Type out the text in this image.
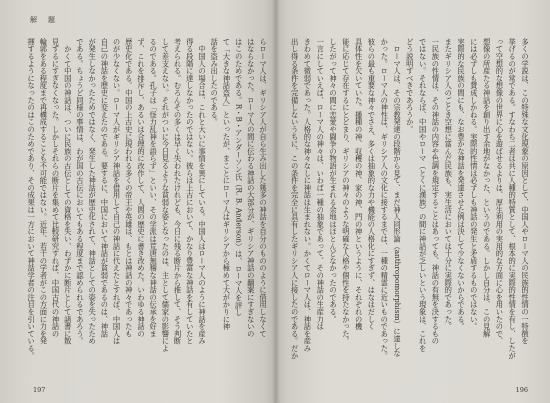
解　題
多くの学説は、この特殊な文化現象の原因として、中国人やローマ人の民族的性情の一特徴を
挙げるのが常である。すなわち二者は共に人種的特質として、根本的に実際的性情を有し、したが
って空想的な想像の世界に心を遊ばせるよりは、厚生利用の実用的な方面に心を用いたので、
想像の所産たる神話を創り出す余地がなかった、というのである。しかし自分は、この見解
には必ずしも賛成しかねる。実際的性情は必ずしも神話の発生と矛盾するものではない。
実際的な民族の間にも、なお豊かな神話を発達させた例は決して少なくないからである。
またギリシア人のごとき空想に富んだ民族も、実生活においては十分に実際的であった。
一民族の性情は、その神話の内容や色調を規定することはあっても、神話の有無を決するもの
ではない。それならば、中国やローマ（とくに漢族）の間に神話が乏しいという現象は、これを
どう説明すべきであろうか。
　ローマ人は、その宗教発達の段階から見て、まだ神人同形論（anthropomorphism）に達しな
かった。ローマ人の神性は、ギリシア人の文化に接するまでは、一種の精霊に近いものであった。
彼らの最も重要な神々でさえ、多くは抽象的な力や機能の人格化にすぎず、はなはだしく
具体性を欠いていた。播種の神、収穫の神、家の神、門の神というように、それぞれの機
能に応じて存在するにとどまり、ギリシアの神々のような明確な人格や個性を持たなかった。
したがって神々の間に恋愛や闘争の物語が生まれる余地はほとんどなかったのである。
一言にしていえば、ローマ人の神々は、いわば一種の抽象であって、その神話の生産力は
きわめて微弱であった。人格的な神々なしに神話は生まれない。かくてローマ人は、神話を産み
出し得る条件を完備しないうちに、この条件を完全に具有したギリシア人に接したのである。だか
らローマ人は、ギリシア人が自ら生み出した幾多の神話を自分のもののように借用しなくて
はならなかった。ローマ人の間に伝わる神話の大部分が、ギリシア神話の翻案にすぎないの
はこのためである。R・B・アンダーソン氏（R. B. Anderson）は、ローマ人を評し
て「大きな神話盗人」といったが、まことにローマ人はギリシアから極めて大がかりに神
話を盗み出したのである。
　中国人の場合は、これと大いに事情を異にしている。中国人はローマ人のように神話を産み
得る段階に達しなかったのではない。彼らは上古において、かなり豊富な神話を有していたと
考えられる。むろんその多くは早く失われたけれども、今日に残る断片から推して、そう判断
して差支えない。それがついに今日見るような貧弱な姿となったのは、主として儒家の影響によ
るのである。孔子は「怪力乱神を語らず」といい、その学派は荒唐無稽な神話の伝承を好ま
ず、これを排斥し、あるいは合理的に改作して、人間の歴史に書き改めた。いわゆる神話の
歴史化である。中国の上古史に現われる多くの帝王や英雄は、もとは神話の神々であったも
のが少なくない。ローマ人がギリシア神話を借用して自己の神話に代えたとすれば、中国人は
自己の神話を歴史に変えたのである。要するに、中国において神話が貧弱であるのは、神話
が発生しなかったためではなく、発生した神話が歴史化されて、神話としての姿を失ったため
である。ちょうど同様の事情は、わが国の古伝においてもある程度まで認められるであろう。
　かくて中国の神話は、ついに民族の古伝としての資格を失い、わずかに断片として諸書に散
見するにすぎなくなった。しかしそれらの断片を集めて比較研究すれば、中国古代の神話の
輪郭をある程度まで再構成することも不可能ではない。近年、若干の学者がこの方面に力を発
揮するようになったのはこのためであり、その成果は一方において神話学者の注目を引いている。
197	196
